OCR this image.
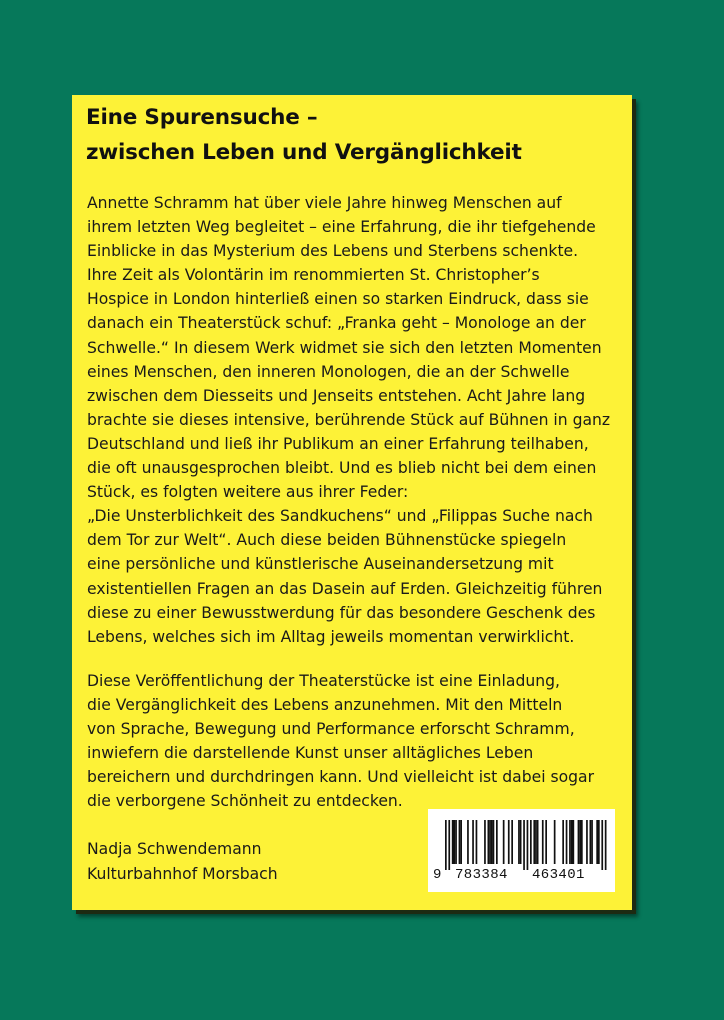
Eine Spurensuche –
zwischen Leben und Vergänglichkeit
Annette Schramm hat über viele Jahre hinweg Menschen auf
ihrem letzten Weg begleitet – eine Erfahrung, die ihr tiefgehende
Einblicke in das Mysterium des Lebens und Sterbens schenkte.
Ihre Zeit als Volontärin im renommierten St. Christopher’s
Hospice in London hinterließ einen so starken Eindruck, dass sie
danach ein Theaterstück schuf: „Franka geht – Monologe an der
Schwelle.“ In diesem Werk widmet sie sich den letzten Momenten
eines Menschen, den inneren Monologen, die an der Schwelle
zwischen dem Diesseits und Jenseits entstehen. Acht Jahre lang
brachte sie dieses intensive, berührende Stück auf Bühnen in ganz
Deutschland und ließ ihr Publikum an einer Erfahrung teilhaben,
die oft unausgesprochen bleibt. Und es blieb nicht bei dem einen
Stück, es folgten weitere aus ihrer Feder:
„Die Unsterblichkeit des Sandkuchens“ und „Filippas Suche nach
dem Tor zur Welt“. Auch diese beiden Bühnenstücke spiegeln
eine persönliche und künstlerische Auseinandersetzung mit
existentiellen Fragen an das Dasein auf Erden. Gleichzeitig führen
diese zu einer Bewusstwerdung für das besondere Geschenk des
Lebens, welches sich im Alltag jeweils momentan verwirklicht.
Diese Veröffentlichung der Theaterstücke ist eine Einladung,
die Vergänglichkeit des Lebens anzunehmen. Mit den Mitteln
von Sprache, Bewegung und Performance erforscht Schramm,
inwiefern die darstellende Kunst unser alltägliches Leben
bereichern und durchdringen kann. Und vielleicht ist dabei sogar
die verborgene Schönheit zu entdecken.
Nadja Schwendemann
Kulturbahnhof Morsbach	9 783384 463401
